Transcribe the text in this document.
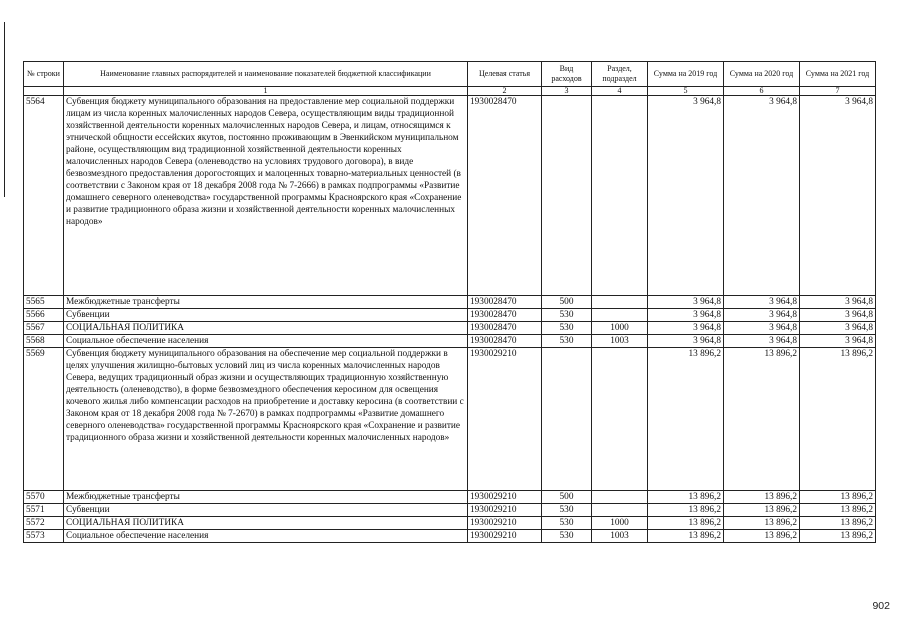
№ строки	Наименование главных распорядителей и наименование показателей бюджетной классификации	Целевая статья	Вид расходов	Раздел, подраздел	Сумма на 2019 год	Сумма на 2020 год	Сумма на 2021 год
	1	2	3	4	5	6	7
5564	Субвенция бюджету муниципального образования на предоставление мер социальной поддержки лицам из числа коренных малочисленных народов Севера, осуществляющим виды традиционной хозяйственной деятельности коренных малочисленных народов Севера, и лицам, относящимся к этнической общности ессейских якутов, постоянно проживающим в Эвенкийском муниципальном районе, осуществляющим вид традиционной хозяйственной деятельности коренных малочисленных народов Севера (оленеводство на условиях трудового договора), в виде безвозмездного предоставления дорогостоящих и малоценных товарно-материальных ценностей (в соответствии с Законом края от 18 декабря 2008 года № 7-2666) в рамках подпрограммы «Развитие домашнего северного оленеводства» государственной программы Красноярского края «Сохранение и развитие традиционного образа жизни и хозяйственной деятельности коренных малочисленных народов»	1930028470			3 964,8	3 964,8	3 964,8
5565	Межбюджетные трансферты	1930028470	500		3 964,8	3 964,8	3 964,8
5566	Субвенции	1930028470	530		3 964,8	3 964,8	3 964,8
5567	СОЦИАЛЬНАЯ ПОЛИТИКА	1930028470	530	1000	3 964,8	3 964,8	3 964,8
5568	Социальное обеспечение населения	1930028470	530	1003	3 964,8	3 964,8	3 964,8
5569	Субвенция бюджету муниципального образования на обеспечение мер социальной поддержки в целях улучшения жилищно-бытовых условий лиц из числа коренных малочисленных народов Севера, ведущих традиционный образ жизни и осуществляющих традиционную хозяйственную деятельность (оленеводство), в форме безвозмездного обеспечения керосином для освещения кочевого жилья либо компенсации расходов на приобретение и доставку керосина (в соответствии с Законом края от 18 декабря 2008 года № 7-2670) в рамках подпрограммы «Развитие домашнего северного оленеводства» государственной программы Красноярского края «Сохранение и развитие традиционного образа жизни и хозяйственной деятельности коренных малочисленных народов»	1930029210			13 896,2	13 896,2	13 896,2
5570	Межбюджетные трансферты	1930029210	500		13 896,2	13 896,2	13 896,2
5571	Субвенции	1930029210	530		13 896,2	13 896,2	13 896,2
5572	СОЦИАЛЬНАЯ ПОЛИТИКА	1930029210	530	1000	13 896,2	13 896,2	13 896,2
5573	Социальное обеспечение населения	1930029210	530	1003	13 896,2	13 896,2	13 896,2
902
